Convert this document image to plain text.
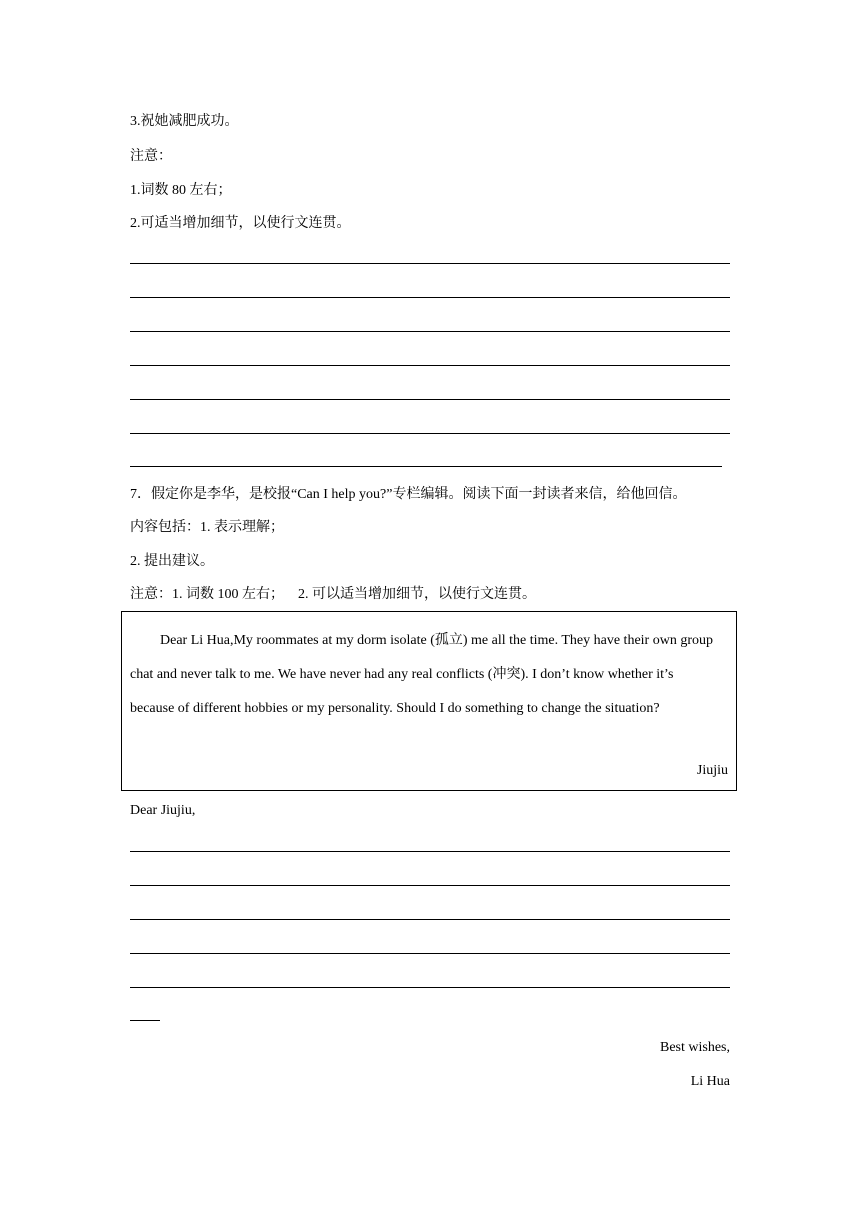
3.祝她减肥成功。
注意：
1.词数 80 左右；
2.可适当增加细节，以使行文连贯。
7．假定你是李华，是校报“Can I help you?”专栏编辑。阅读下面一封读者来信，给他回信。
内容包括：1. 表示理解；
2. 提出建议。
注意：1. 词数 100 左右；    2. 可以适当增加细节，以使行文连贯。
Dear Li Hua,My roommates at my dorm isolate (孤立) me all the time. They have their own group chat and never talk to me. We have never had any real conflicts (冲突). I don’t know whether it’s because of different hobbies or my personality. Should I do something to change the situation?
Jiujiu
Dear Jiujiu,
Best wishes,
Li Hua
